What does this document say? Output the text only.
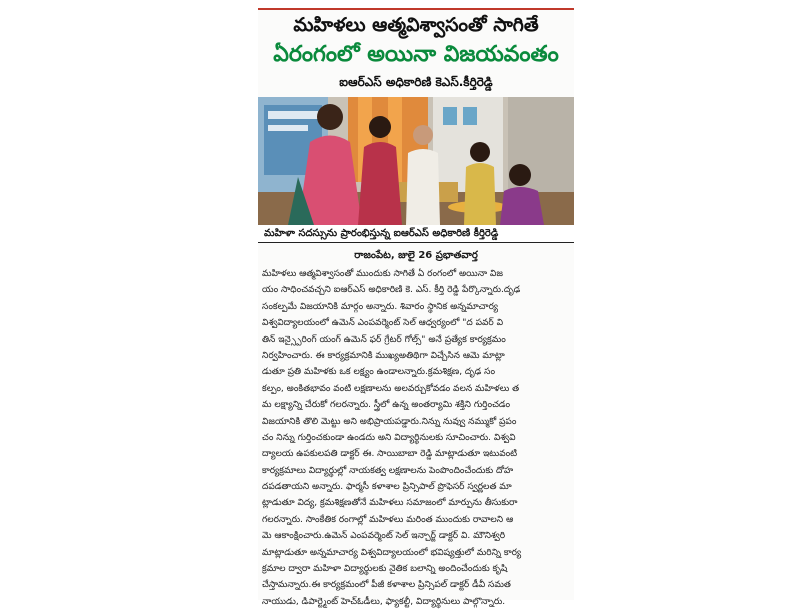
మహిళలు ఆత్మవిశ్వాసంతో సాగితే
ఏరంగంలో అయినా విజయవంతం
ఐఆర్ఎస్ అధికారిణి కెఎస్.కీర్తిరెడ్డి
మహిళా సదస్సును ప్రారంభిస్తున్న ఐఆర్ఎస్ అధికారిణి కీర్తిరెడ్డి
రాజంపేట, జులై 26 ప్రభాతవార్త
మహిళలు ఆత్మవిశ్వాసంతో ముందుకు సాగితే ఏ రంగంలో అయినా విజ
యం సాధించవచ్చని ఐఆర్ఎస్ అధికారిణి కె. ఎస్. కీర్తి రెడ్డి పేర్కొన్నారు.దృఢ
సంకల్పమే విజయానికి మార్గం అన్నారు. శివారం స్థానిక అన్నమాచార్య
విశ్వవిద్యాలయంలో ఉమెన్ ఎంపవర్మెంట్ సెల్ ఆధ్వర్యంలో "ద పవర్ వి
తిన్ ఇన్స్పైరింగ్ యంగ్ ఉమెన్ ఫర్ గ్రేటర్ గోల్స్" అనే ప్రత్యేక కార్యక్రమం
నిర్వహించారు. ఈ కార్యక్రమానికి ముఖ్యఅతిథిగా విచ్చేసిన ఆమె మాట్లా
డుతూ ప్రతి మహిళకు ఒక లక్ష్యం ఉండాలన్నారు.క్రమశిక్షణ, దృఢ సం
కల్పం, అంకితభావం వంటి లక్షణాలను అలవర్చుకోవడం వలన మహిళలు త
మ లక్ష్యాన్ని చేరుకో గలరన్నారు. స్త్రీలో ఉన్న అంతర్యామి శక్తిని గుర్తించడం
విజయానికి తొలి మెట్టు అని అభిప్రాయపడ్డారు.నిన్ను నువ్వు నమ్ముకో ప్రపం
చం నిన్ను గుర్తించకుండా ఉండదు అని విద్యార్థినులకు సూచించారు. విశ్వవి
ద్యాలయ ఉపకులపతి డాక్టర్ ఈ. సాయిబాబా రెడ్డి మాట్లాడుతూ ఇటువంటి
కార్యక్రమాలు విద్యార్థుల్లో నాయకత్వ లక్షణాలను పెంపొందించేందుకు దోహ
దపడతాయని అన్నారు. ఫార్మసీ కళాశాల ప్రిన్సిపాల్ ప్రొఫెసర్ స్వర్ణలత మా
ట్లాడుతూ విద్య, క్రమశిక్షణతోనే మహిళలు సమాజంలో మార్పును తీసుకురా
గలరన్నారు. సాంకేతిక రంగాల్లో మహిళలు మరింత ముందుకు రావాలని ఆ
మె ఆకాంక్షించారు.ఉమెన్ ఎంపవర్మెంట్ సెల్ ఇన్చార్జ్ డాక్టర్ వి. మౌనిశ్వరి
మాట్లాడుతూ అన్నమాచార్య విశ్వవిద్యాలయంలో భవిష్యత్తులో మరిన్ని కార్య
క్రమాల ద్వారా మహిళా విద్యార్థులకు నైతిక బలాన్ని అందించేందుకు కృషి
చేస్తామన్నారు.ఈ కార్యక్రమంలో పీజీ కళాశాల ప్రిన్సిపల్ డాక్టర్ డీవీ సమత
నాయుడు, డిపార్ట్మెంట్ హెచ్ఓడీలు, ఫ్యాకల్టీ, విద్యార్థినులు పాల్గొన్నారు.
